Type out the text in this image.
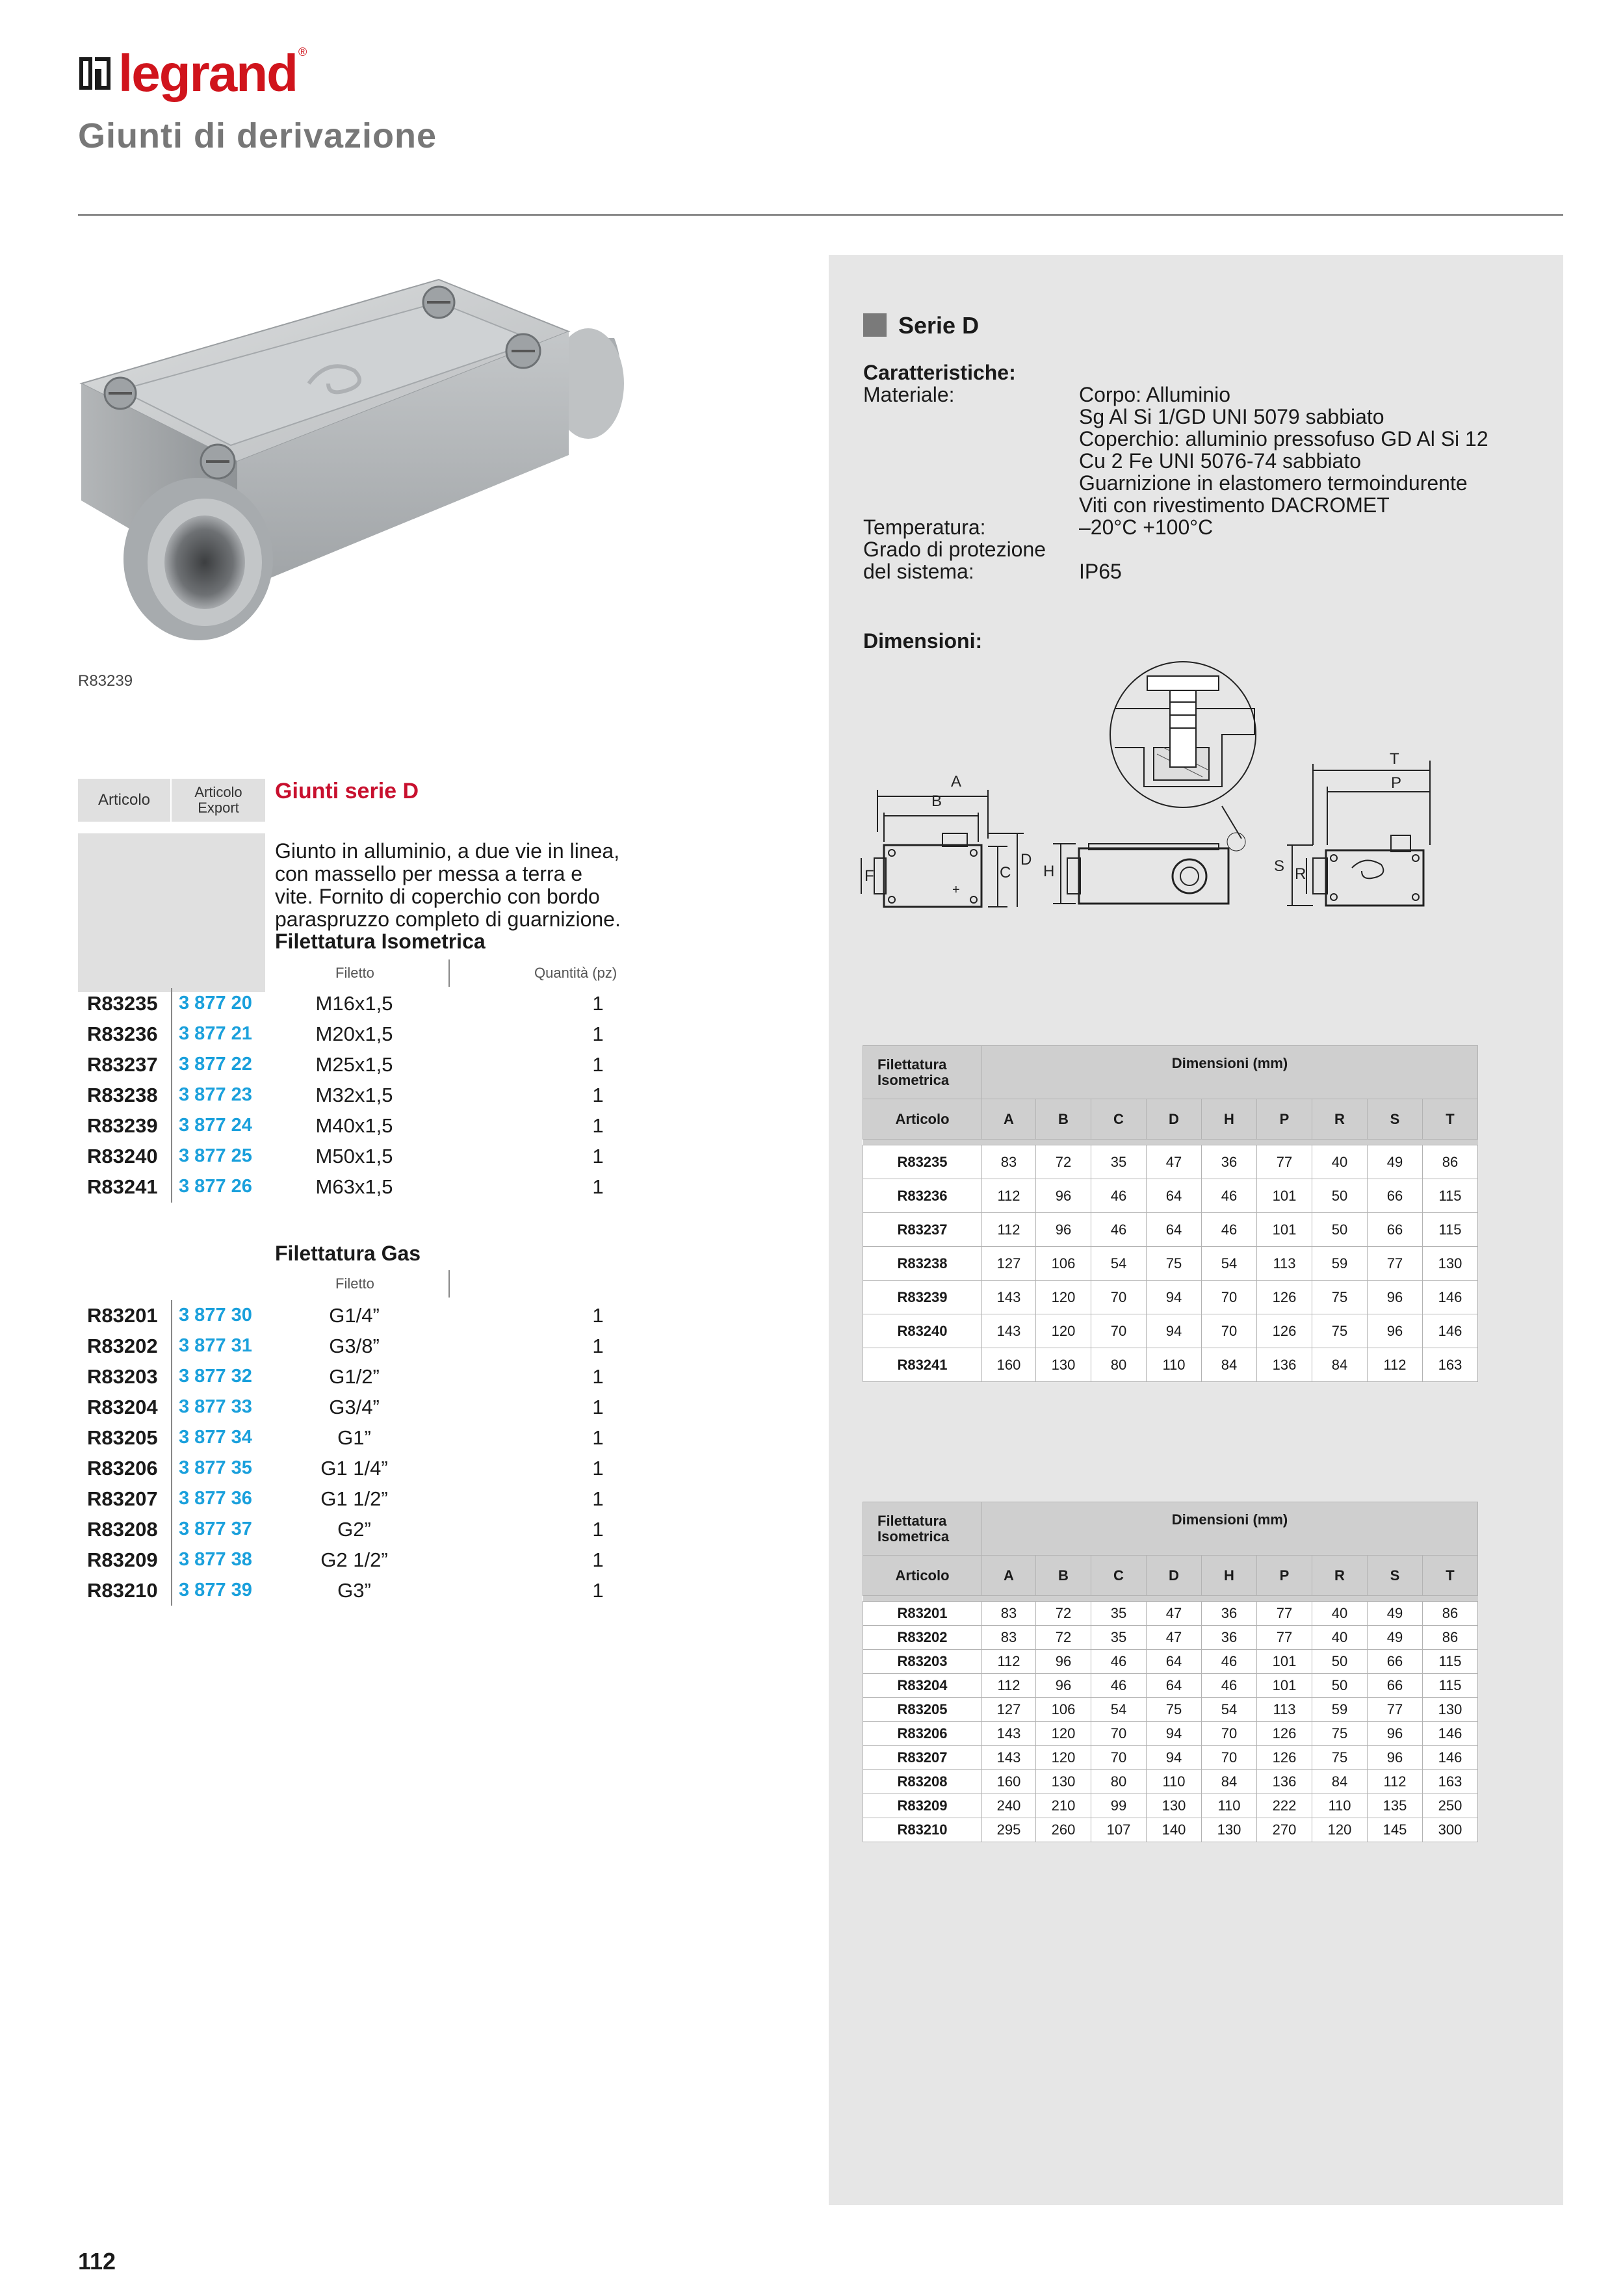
legrand ®
Giunti di derivazione
R83239
Articolo	Articolo
Export
Giunti serie D
Giunto in alluminio, a due vie in linea,
con massello per messa a terra e
vite. Fornito di coperchio con bordo
paraspruzzo completo di guarnizione.
Filettatura Isometrica
Filetto	Quantità (pz)
R83235 3 877 20	M16x1,5	1
R83236 3 877 21	M20x1,5	1
R83237 3 877 22	M25x1,5	1
R83238 3 877 23	M32x1,5	1
R83239 3 877 24	M40x1,5	1
R83240 3 877 25	M50x1,5	1
R83241 3 877 26	M63x1,5	1
Filettatura Gas
Filetto
R83201 3 877 30	G1/4”	1
R83202 3 877 31	G3/8”	1
R83203 3 877 32	G1/2”	1
R83204 3 877 33	G3/4”	1
R83205 3 877 34	G1”	1
R83206 3 877 35	G1 1/4”	1
R83207 3 877 36	G1 1/2”	1
R83208 3 877 37	G2”	1
R83209 3 877 38	G2 1/2”	1
R83210 3 877 39	G3”	1
Serie D
Caratteristiche:
Materiale:	Corpo: Alluminio
Sg Al Si 1/GD UNI 5079 sabbiato
Coperchio: alluminio pressofuso GD Al Si 12
Cu 2 Fe UNI 5076-74 sabbiato
Guarnizione in elastomero termoindurente
Viti con rivestimento DACROMET
Temperatura:	–20°C +100°C
Grado di protezione
del sistema:	IP65
Dimensioni:
+
A
B
C
D
F	H
T
P
S R
Filettatura
Isometrica	Dimensioni (mm)								
Articolo	A	B	C	D	H	P	R	S	T

R83235	83	72	35	47	36	77	40	49	86
R83236	112	96	46	64	46	101	50	66	115
R83237	112	96	46	64	46	101	50	66	115
R83238	127	106	54	75	54	113	59	77	130
R83239	143	120	70	94	70	126	75	96	146
R83240	143	120	70	94	70	126	75	96	146
R83241	160	130	80	110	84	136	84	112	163
Filettatura
Isometrica	Dimensioni (mm)								
Articolo	A	B	C	D	H	P	R	S	T

R83201	83	72	35	47	36	77	40	49	86
R83202	83	72	35	47	36	77	40	49	86
R83203	112	96	46	64	46	101	50	66	115
R83204	112	96	46	64	46	101	50	66	115
R83205	127	106	54	75	54	113	59	77	130
R83206	143	120	70	94	70	126	75	96	146
R83207	143	120	70	94	70	126	75	96	146
R83208	160	130	80	110	84	136	84	112	163
R83209	240	210	99	130	110	222	110	135	250
R83210	295	260	107	140	130	270	120	145	300
112
